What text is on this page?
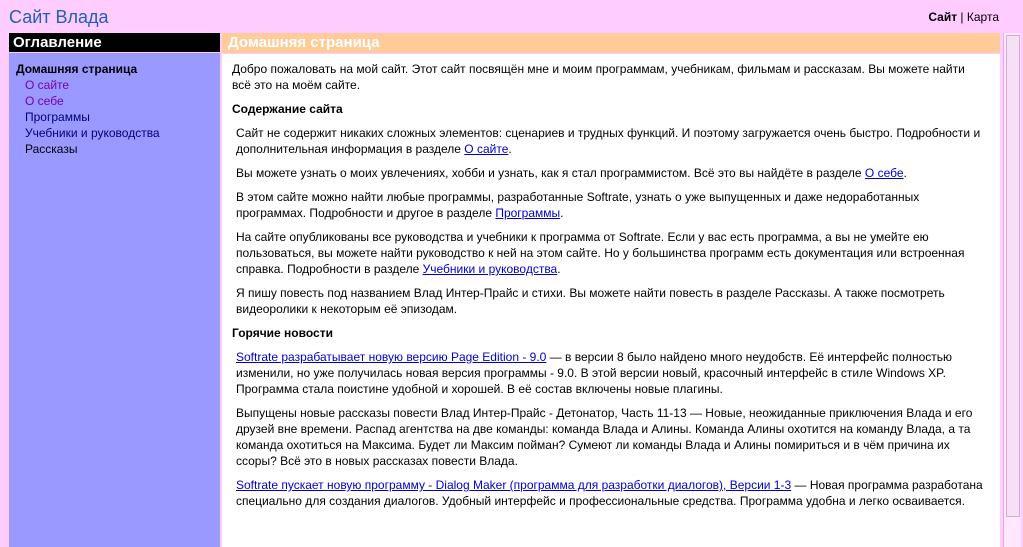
Сайт Влада	Сайт | Карта
Оглавление
Домашняя страница
О сайте
О себе
Программы
Учебники и руководства
Рассказы
Домашняя страница

Добро пожаловать на мой сайт. Этот сайт посвящён мне и моим программам, учебникам, фильмам и рассказам. Вы можете найти всё это на моём сайте.

Содержание сайта

Сайт не содержит никаких сложных элементов: сценариев и трудных функций. И поэтому загружается очень быстро. Подробности и дополнительная информация в разделе О сайте.

Вы можете узнать о моих увлечениях, хобби и узнать, как я стал программистом. Всё это вы найдёте в разделе О себе.

В этом сайте можно найти любые программы, разработанные Softrate, узнать о уже выпущенных и даже недоработанных программах. Подробности и другое в разделе Программы.

На сайте опубликованы все руководства и учебники к программа от Softrate. Если у вас есть программа, а вы не умейте ею пользоваться, вы можете найти руководство к ней на этом сайте. Но у большинства программ есть документация или встроенная справка. Подробности в разделе Учебники и руководства.

Я пишу повесть под названием Влад Интер-Прайс и стихи. Вы можете найти повесть в разделе Рассказы. А также посмотреть видеоролики к некоторым её эпизодам.

Горячие новости

Softrate разрабатывает новую версию Page Edition - 9.0 — в версии 8 было найдено много неудобств. Её интерфейс полностью изменили, но уже получилась новая версия программы - 9.0. В этой версии новый, красочный интерфейс в стиле Windows XP. Программа стала поистине удобной и хорошей. В её состав включены новые плагины.

Выпущены новые рассказы повести Влад Интер-Прайс - Детонатор, Часть 11-13 — Новые, неожиданные приключения Влада и его друзей вне времени. Распад агентства на две команды: команда Влада и Алины. Команда Алины охотится на команду Влада, а та команда охотиться на Максима. Будет ли Максим пойман? Сумеют ли команды Влада и Алины помириться и в чём причина их ссоры? Всё это в новых рассказах повести Влада.

Softrate пускает новую программу - Dialog Maker (программа для разработки диалогов), Версии 1-3 — Новая программа разработана специально для создания диалогов. Удобный интерфейс и профессиональные средства. Программа удобна и легко осваивается.
